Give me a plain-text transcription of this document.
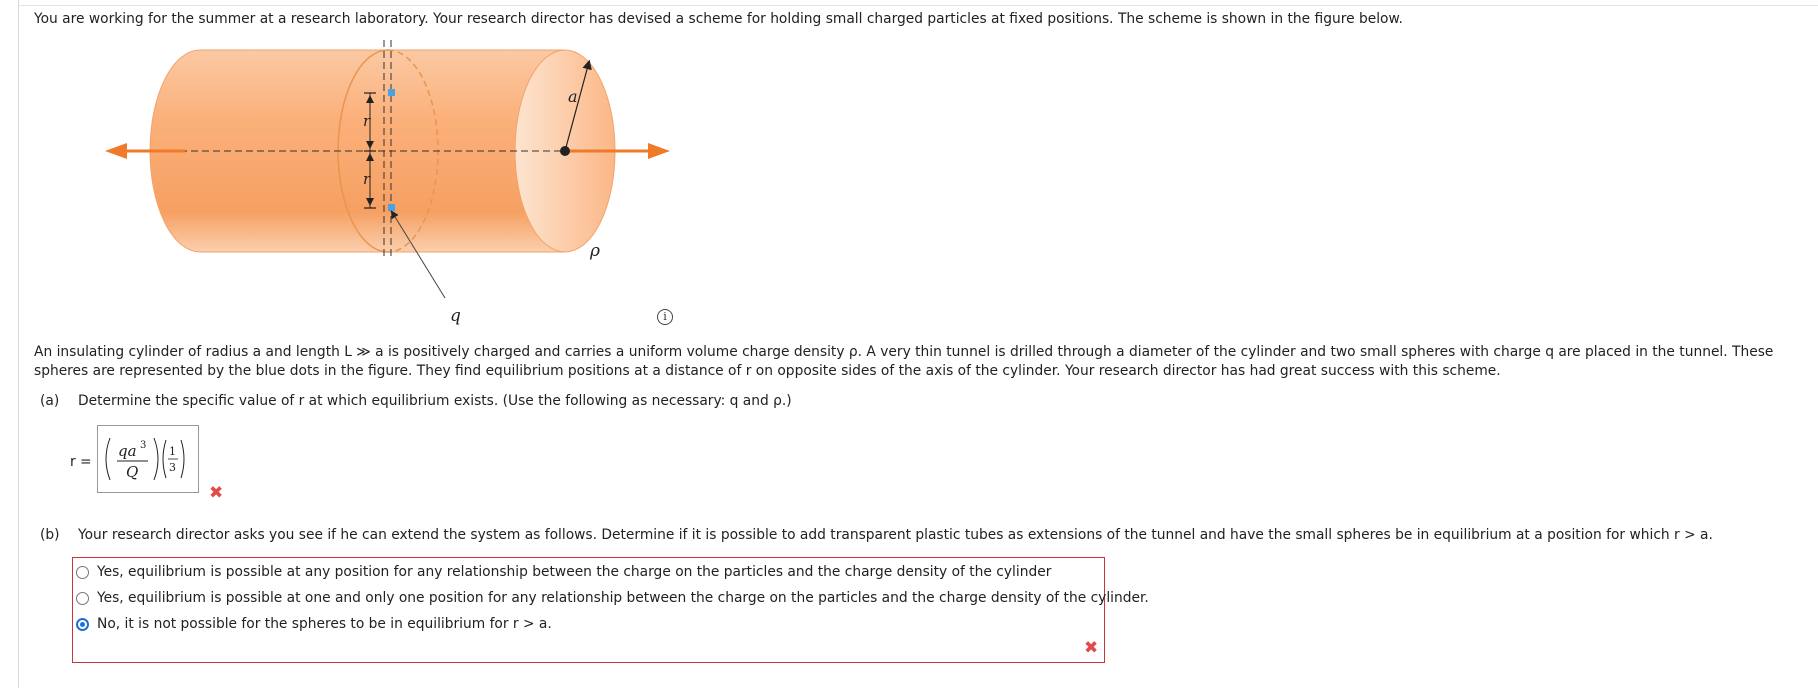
You are working for the summer at a research laboratory. Your research director has devised a scheme for holding small charged particles at fixed positions. The scheme is shown in the figure below.
a
r
r
q
ρ
i
An insulating cylinder of radius a and length L ≫ a is positively charged and carries a uniform volume charge density ρ. A very thin tunnel is drilled through a diameter of the cylinder and two small spheres with charge q are placed in the tunnel. These spheres are represented by the blue dots in the figure. They find equilibrium positions at a distance of r on opposite sides of the axis of the cylinder. Your research director has had great success with this scheme.
(a) Determine the specific value of r at which equilibrium exists. (Use the following as necessary: q and ρ.)
r =
qa 3
Q
1
3
✖
(b) Your research director asks you see if he can extend the system as follows. Determine if it is possible to add transparent plastic tubes as extensions of the tunnel and have the small spheres be in equilibrium at a position for which r > a.
Yes, equilibrium is possible at any position for any relationship between the charge on the particles and the charge density of the cylinder
Yes, equilibrium is possible at one and only one position for any relationship between the charge on the particles and the charge density of the cylinder.
No, it is not possible for the spheres to be in equilibrium for r > a.
✖
